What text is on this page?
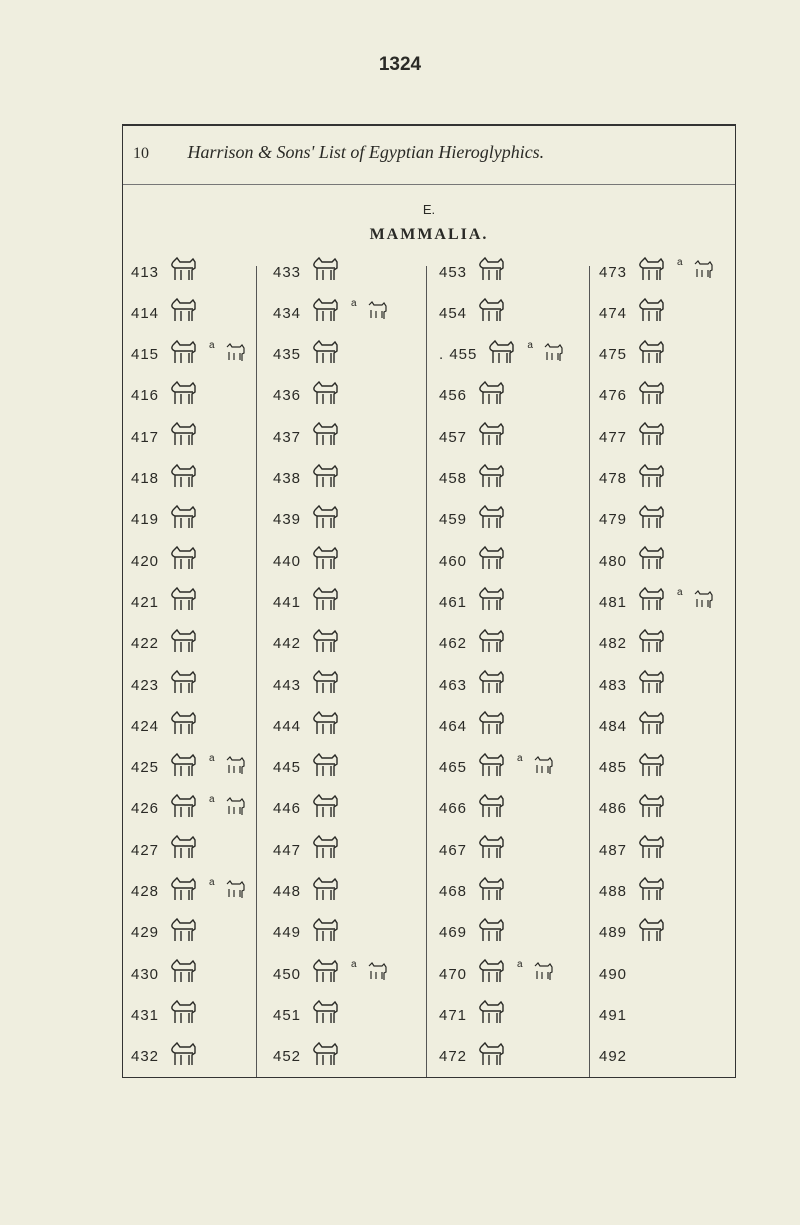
1324
10 Harrison & Sons' List of Egyptian Hieroglyphics.
E.
MAMMALIA.
413
414
415
a
416
417
418
419
420
421
422
423
424
425
a
426
a
427
428
a
429
430
431
432
433
434
a
435
436
437
438
439
440
441
442
443
444
445
446
447
448
449
450
a
451
452
453
454
. 455
a
456
457
458
459
460
461
462
463
464
465
a
466
467
468
469
470
a
471
472
473
a
474
475
476
477
478
479
480
481
a
482
483
484
485
486
487
488
489
490
491
492
